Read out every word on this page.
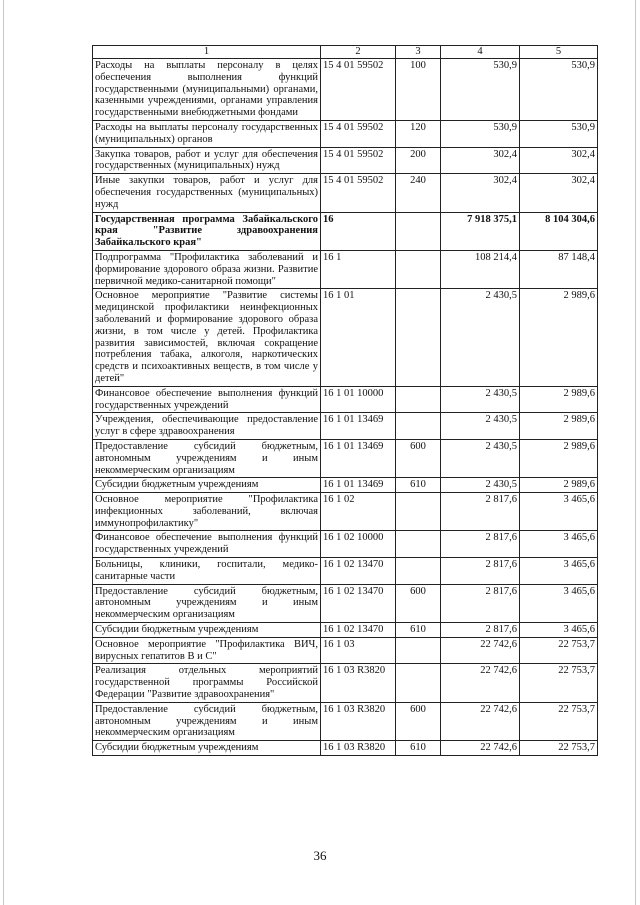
1	2	3	4	5
Расходы на выплаты персоналу в целях обеспечения выполнения функций государственными (муниципальными) органами, казенными учреждениями, органами управления государственными внебюджетными фондами	15 4 01 59502	100	530,9	530,9
Расходы на выплаты персоналу государственных (муниципальных) органов	15 4 01 59502	120	530,9	530,9
Закупка товаров, работ и услуг для обеспечения государственных (муниципальных) нужд	15 4 01 59502	200	302,4	302,4
Иные закупки товаров, работ и услуг для обеспечения государственных (муниципальных) нужд	15 4 01 59502	240	302,4	302,4
Государственная программа Забайкальского края "Развитие здравоохранения Забайкальского края"	16		7 918 375,1	8 104 304,6
Подпрограмма "Профилактика заболеваний и формирование здорового образа жизни. Развитие первичной медико-санитарной помощи"	16 1		108 214,4	87 148,4
Основное мероприятие "Развитие системы медицинской профилактики неинфекционных заболеваний и формирование здорового образа жизни, в том числе у детей. Профилактика развития зависимостей, включая сокращение потребления табака, алкоголя, наркотических средств и психоактивных веществ, в том числе у детей"	16 1 01		2 430,5	2 989,6
Финансовое обеспечение выполнения функций государственных учреждений	16 1 01 10000		2 430,5	2 989,6
Учреждения, обеспечивающие предоставление услуг в сфере здравоохранения	16 1 01 13469		2 430,5	2 989,6
Предоставление субсидий бюджетным, автономным учреждениям и иным некоммерческим организациям	16 1 01 13469	600	2 430,5	2 989,6
Субсидии бюджетным учреждениям	16 1 01 13469	610	2 430,5	2 989,6
Основное мероприятие "Профилактика инфекционных заболеваний, включая иммунопрофилактику"	16 1 02		2 817,6	3 465,6
Финансовое обеспечение выполнения функций государственных учреждений	16 1 02 10000		2 817,6	3 465,6
Больницы, клиники, госпитали, медико-санитарные части	16 1 02 13470		2 817,6	3 465,6
Предоставление субсидий бюджетным, автономным учреждениям и иным некоммерческим организациям	16 1 02 13470	600	2 817,6	3 465,6
Субсидии бюджетным учреждениям	16 1 02 13470	610	2 817,6	3 465,6
Основное мероприятие "Профилактика ВИЧ, вирусных гепатитов В и С"	16 1 03		22 742,6	22 753,7
Реализация отдельных мероприятий государственной программы Российской Федерации "Развитие здравоохранения"	16 1 03 R3820		22 742,6	22 753,7
Предоставление субсидий бюджетным, автономным учреждениям и иным некоммерческим организациям	16 1 03 R3820	600	22 742,6	22 753,7
Субсидии бюджетным учреждениям	16 1 03 R3820	610	22 742,6	22 753,7
36
